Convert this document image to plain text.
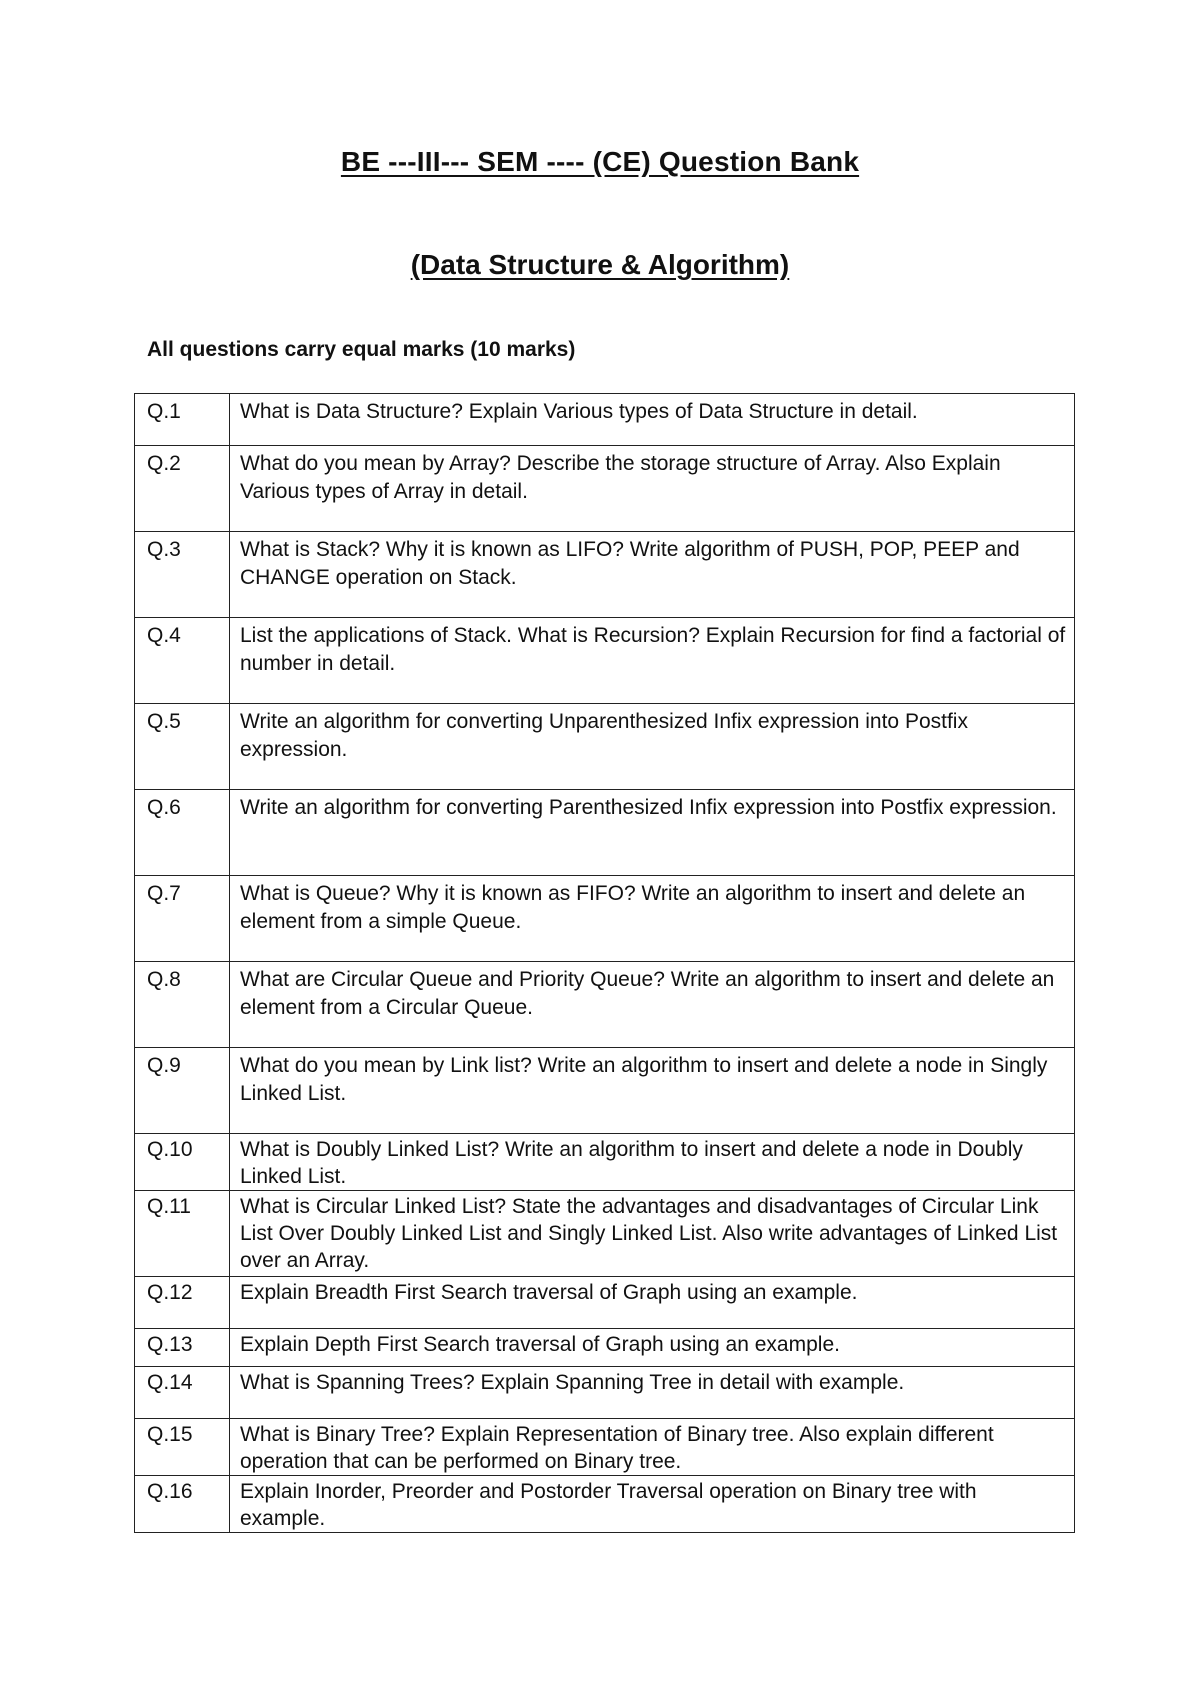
BE ---III--- SEM ---- (CE) Question Bank
(Data Structure & Algorithm)
All questions carry equal marks (10 marks)
Q.1	What is Data Structure? Explain Various types of Data Structure in detail.
Q.2	What do you mean by Array? Describe the storage structure of Array. Also Explain Various types of Array in detail.
Q.3	What is Stack? Why it is known as LIFO? Write algorithm of PUSH, POP, PEEP and CHANGE operation on Stack.
Q.4	List the applications of Stack. What is Recursion? Explain Recursion for find a factorial of number in detail.
Q.5	Write an algorithm for converting Unparenthesized Infix expression into Postfix expression.
Q.6	Write an algorithm for converting Parenthesized Infix expression into Postfix expression.
Q.7	What is Queue? Why it is known as FIFO? Write an algorithm to insert and delete an element from a simple Queue.
Q.8	What are Circular Queue and Priority Queue? Write an algorithm to insert and delete an element from a Circular Queue.
Q.9	What do you mean by Link list? Write an algorithm to insert and delete a node in Singly Linked List.
Q.10	What is Doubly Linked List? Write an algorithm to insert and delete a node in Doubly Linked List.
Q.11	What is Circular Linked List? State the advantages and disadvantages of Circular Link List Over Doubly Linked List and Singly Linked List. Also write advantages of Linked List over an Array.
Q.12	Explain Breadth First Search traversal of Graph using an example.
Q.13	Explain Depth First Search traversal of Graph using an example.
Q.14	What is Spanning Trees? Explain Spanning Tree in detail with example.
Q.15	What is Binary Tree? Explain Representation of Binary tree. Also explain different operation that can be performed on Binary tree.
Q.16	Explain Inorder, Preorder and Postorder Traversal operation on Binary tree with example.
